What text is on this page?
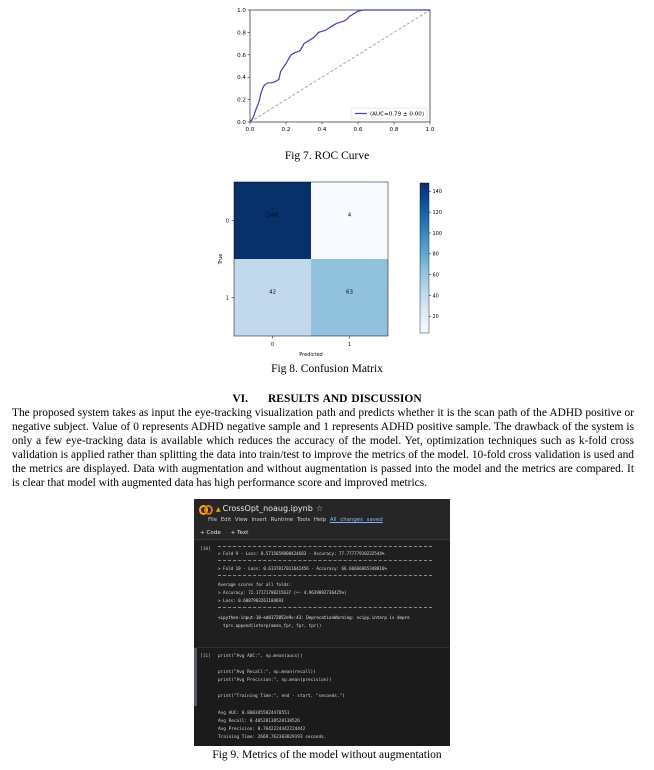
0.0
0.0
0.2
0.2
0.4
0.4
0.6
0.6
0.8
0.8
1.0
1.0
(AUC=0.79 ± 0.00)
Fig 7. ROC Curve
148	4
42	63
0
0
1
1
Predicted
True
140
120
100
80
60
40
20
Fig 8. Confusion Matrix
VI. RESULTS AND DISCUSSION

The proposed system takes as input the eye-tracking visualization path and predicts whether it is the scan path of the ADHD positive or negative subject. Value of 0 represents ADHD negative sample and 1 represents ADHD positive sample. The drawback of the system is only a few eye-tracking data is available which reduces the accuracy of the model. Yet, optimization techniques such as k-fold cross validation is applied rather than splitting the data into train/test to improve the metrics of the model. 10-fold cross validation is used and the metrics are displayed. Data with augmentation and without augmentation is passed into the model and the metrics are compared. It is clear that model with augmented data has high performance score and improved metrics.

▲ CrossOpt_noaug.ipynb ☆
File Edit View Insert Runtime Tools Help All changes saved
+ Code + Text
[10]
> Fold 9 - Loss: 0.5715659808424683 - Accuracy: 77.77777910232544%
> Fold 10 - Loss: 0.6137017011642456 - Accuracy: 66.66666865348816%
Average scores for all folds:
> Accuracy: 72.17171788215637 (+- 4.9639092736425%)
> Loss: 0.6087903261184693
<ipython-input-10-ed0172852e9>:43: DeprecationWarning: scipy.interp is depre
tprs.append(interp(mean_fpr, fpr, tpr))
[11] print("Avg AUC:", np.mean(aucs))
print("Avg Recall:", np.mean(recall))
print("Avg Precision:", np.mean(precision))
print("Training Time:", end - start, "seconds.")
Avg AUC: 0.8003455824478551
Avg Recall: 0.40528138528138526
Avg Precision: 0.7642224442224442
Training Time: 2669.762303829193 seconds.
Fig 9. Metrics of the model without augmentation
